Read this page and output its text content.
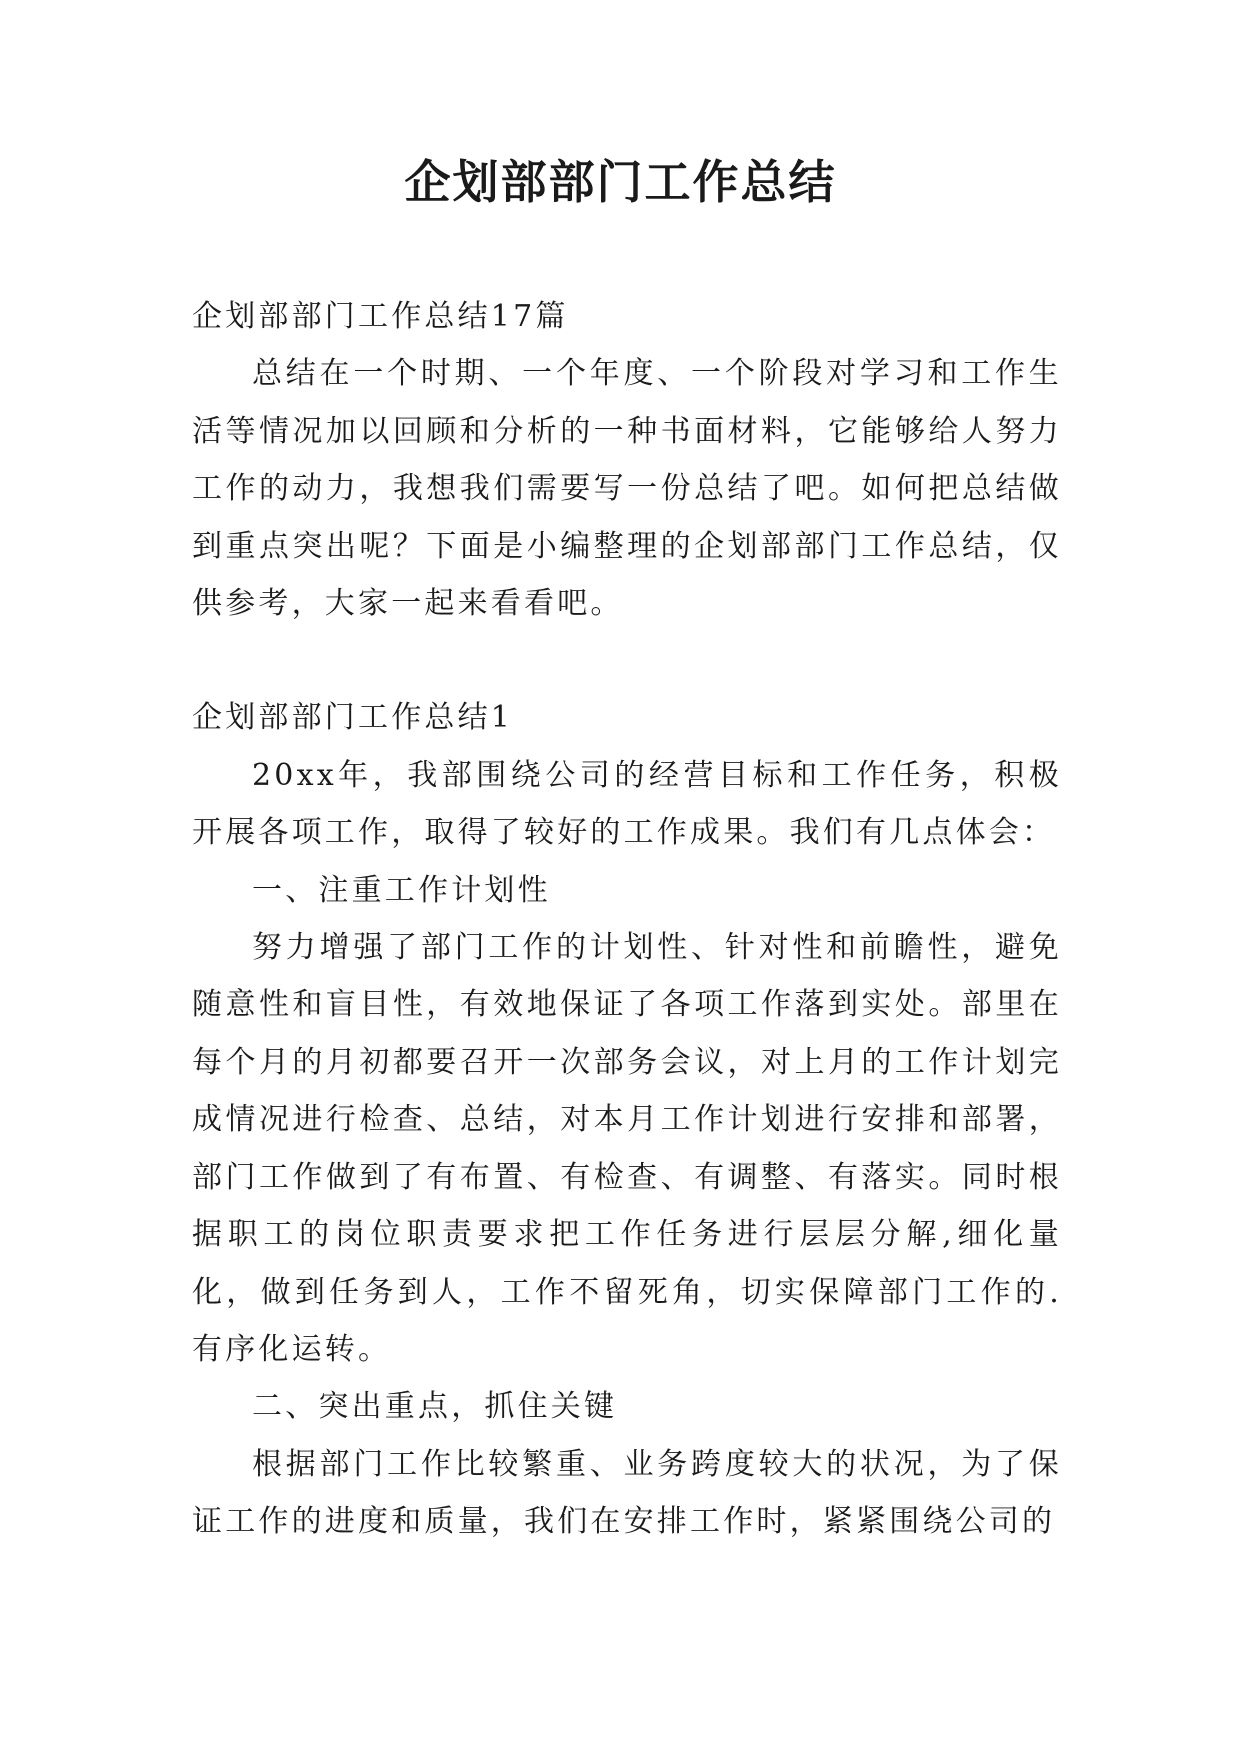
企划部部门工作总结

企划部部门工作总结17篇

总结在一个时期、一个年度、一个阶段对学习和工作生活等情况加以回顾和分析的一种书面材料，它能够给人努力工作的动力，我想我们需要写一份总结了吧。如何把总结做到重点突出呢？下面是小编整理的企划部部门工作总结，仅供参考，大家一起来看看吧。

企划部部门工作总结1

20xx年，我部围绕公司的经营目标和工作任务，积极开展各项工作，取得了较好的工作成果。我们有几点体会：

一、注重工作计划性

努力增强了部门工作的计划性、针对性和前瞻性，避免随意性和盲目性，有效地保证了各项工作落到实处。部里在每个月的月初都要召开一次部务会议，对上月的工作计划完成情况进行检查、总结，对本月工作计划进行安排和部署，部门工作做到了有布置、有检查、有调整、有落实。同时根据职工的岗位职责要求把工作任务进行层层分解,细化量化，做到任务到人，工作不留死角，切实保障部门工作的.有序化运转。

二、突出重点，抓住关键

根据部门工作比较繁重、业务跨度较大的状况，为了保证工作的进度和质量，我们在安排工作时，紧紧围绕公司的
